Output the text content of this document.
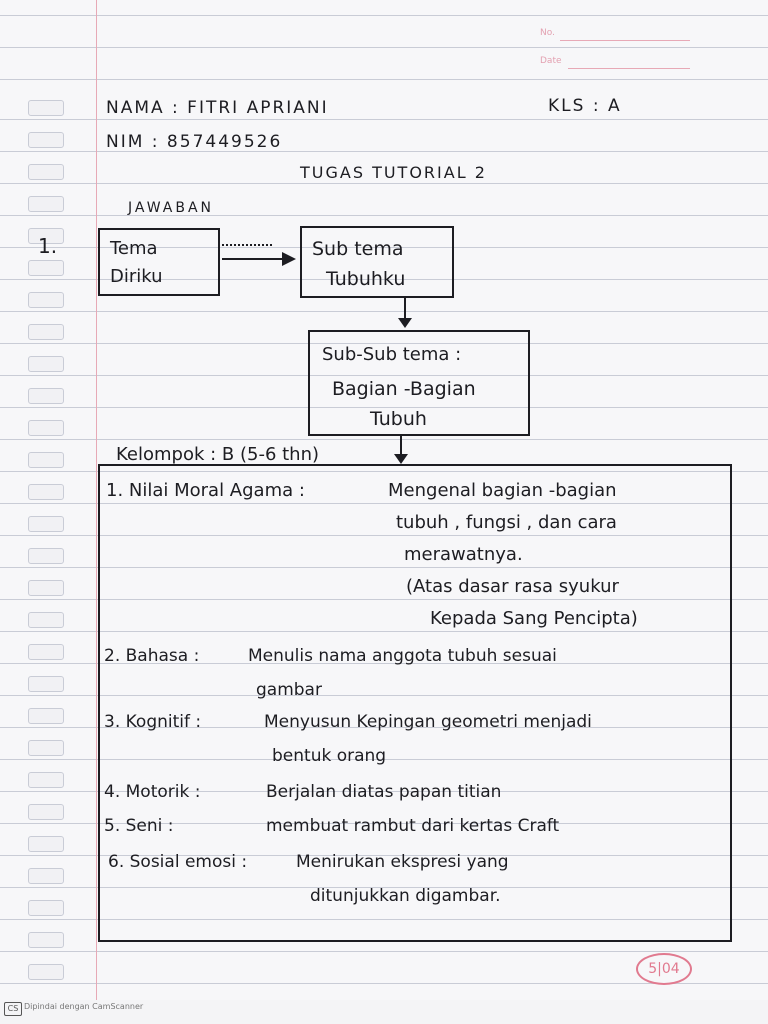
No.
Date
NAMA : FITRI APRIANI	KLS : A
NIM : 857449526
TUGAS TUTORIAL 2
JAWABAN
1.	Tema
Diriku
Sub tema
Tubuhku
Sub-Sub tema :
Bagian -Bagian
Tubuh
Kelompok : B (5-6 thn)
1. Nilai Moral Agama :	Mengenal bagian -bagian
tubuh , fungsi , dan cara
merawatnya.
(Atas dasar rasa syukur
Kepada Sang Pencipta)
2. Bahasa :	Menulis nama anggota tubuh sesuai
gambar
3. Kognitif :	Menyusun Kepingan geometri menjadi
bentuk orang
4. Motorik :	Berjalan diatas papan titian
5. Seni :	membuat rambut dari kertas Craft
6. Sosial emosi :	Menirukan ekspresi yang
ditunjukkan digambar.
5|04
CS Dipindai dengan CamScanner
